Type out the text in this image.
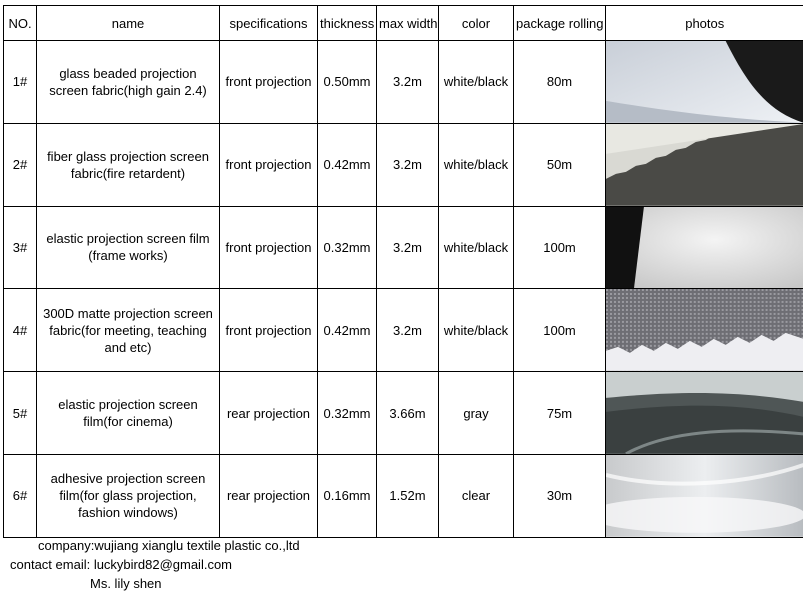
NO.	name	specifications	thickness	max width	color	package rolling	photos
1#	glass beaded projection screen fabric(high gain 2.4)	front projection	0.50mm	3.2m	white/black	80m	

2#	fiber glass projection screen fabric(fire retardent)	front projection	0.42mm	3.2m	white/black	50m	

3#	elastic projection screen film (frame works)	front projection	0.32mm	3.2m	white/black	100m	

4#	300D matte projection screen fabric(for meeting, teaching and etc)	front projection	0.42mm	3.2m	white/black	100m	

5#	elastic projection screen film(for cinema)	rear projection	0.32mm	3.66m	gray	75m	

6#	adhesive projection screen film(for glass projection, fashion windows)	rear projection	0.16mm	1.52m	clear	30m	
company:wujiang xianglu textile plastic co.,ltd
contact email: luckybird82@gmail.com
Ms. lily shen
